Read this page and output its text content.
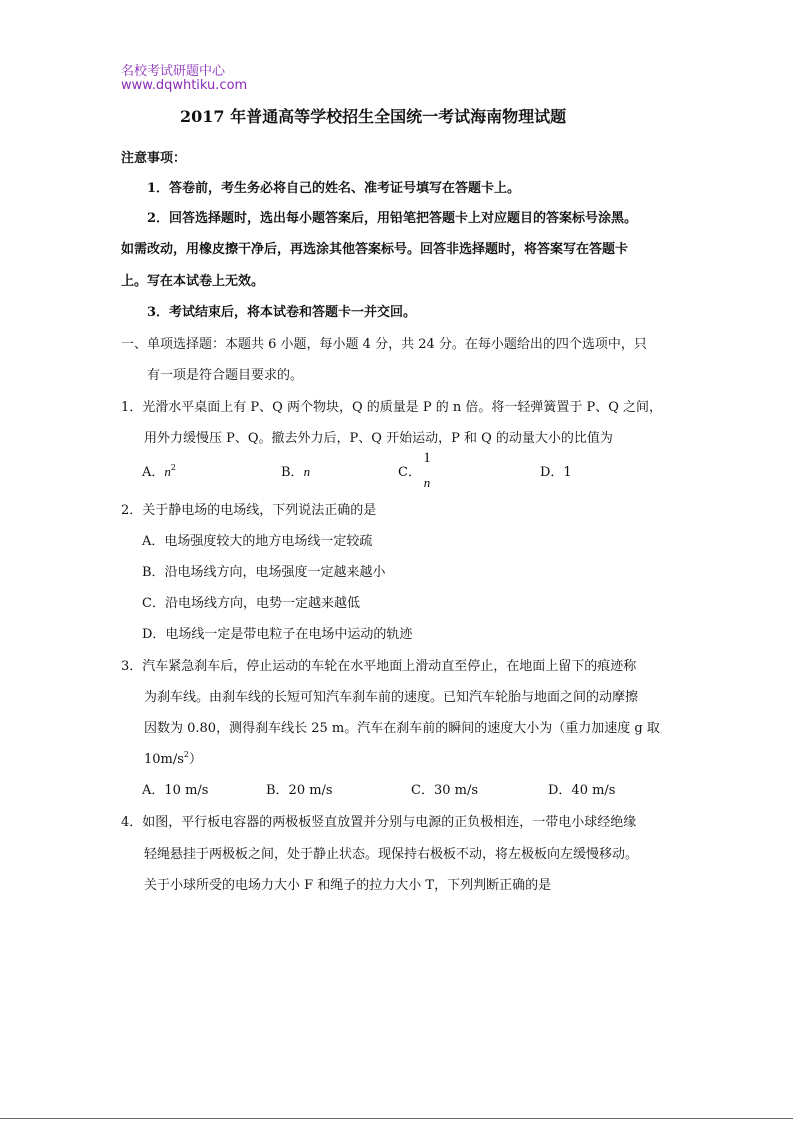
名校考试研题中心
www.dqwhtiku.com
2017 年普通高等学校招生全国统一考试海南物理试题
注意事项：
1．答卷前，考生务必将自己的姓名、准考证号填写在答题卡上。
2．回答选择题时，选出每小题答案后，用铅笔把答题卡上对应题目的答案标号涂黑。
如需改动，用橡皮擦干净后，再选涂其他答案标号。回答非选择题时，将答案写在答题卡
上。写在本试卷上无效。
3．考试结束后，将本试卷和答题卡一并交回。
一、单项选择题：本题共 6 小题，每小题 4 分，共 24 分。在每小题给出的四个选项中，只
有一项是符合题目要求的。
1．光滑水平桌面上有 P、Q 两个物块，Q 的质量是 P 的 n 倍。将一轻弹簧置于 P、Q 之间，
用外力缓慢压 P、Q。撤去外力后，P、Q 开始运动，P 和 Q 的动量大小的比值为
A．$n^2$	B．n	C．
1
n
D．1
2．关于静电场的电场线，下列说法正确的是
A．电场强度较大的地方电场线一定较疏
B．沿电场线方向，电场强度一定越来越小
C．沿电场线方向，电势一定越来越低
D．电场线一定是带电粒子在电场中运动的轨迹
3．汽车紧急刹车后，停止运动的车轮在水平地面上滑动直至停止，在地面上留下的痕迹称
为刹车线。由刹车线的长短可知汽车刹车前的速度。已知汽车轮胎与地面之间的动摩擦
因数为 0.80，测得刹车线长 25 m。汽车在刹车前的瞬间的速度大小为（重力加速度 g 取
$10m/s^2$）
A．10 m/s	B．20 m/s	C．30 m/s	D．40 m/s
4．如图，平行板电容器的两极板竖直放置并分别与电源的正负极相连，一带电小球经绝缘
轻绳悬挂于两极板之间，处于静止状态。现保持右极板不动，将左极板向左缓慢移动。
关于小球所受的电场力大小 F 和绳子的拉力大小 T，下列判断正确的是
